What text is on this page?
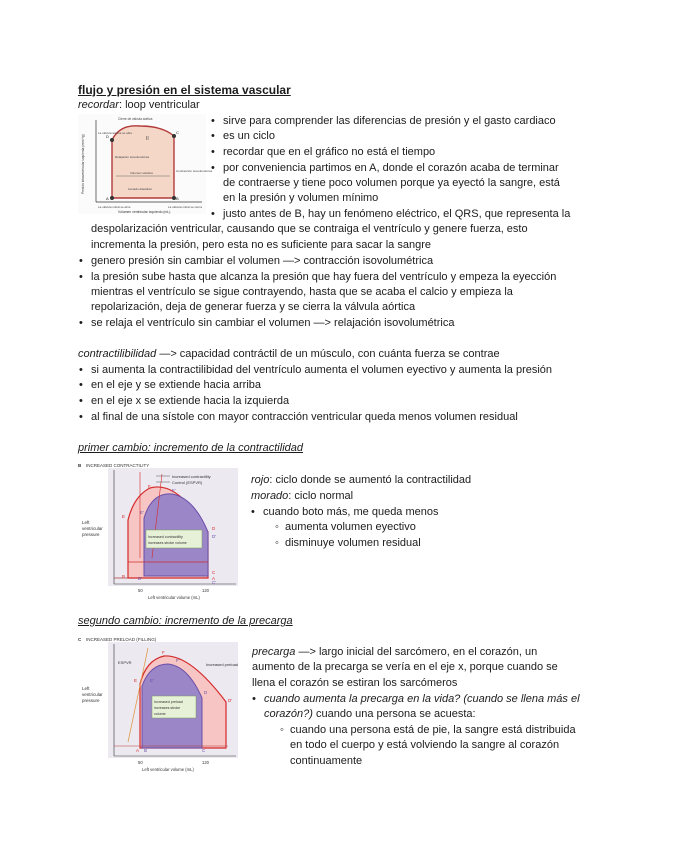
flujo y presión en el sistema vascular
recordar: loop ventricular
II
Cierre de válvula aórtica
La válvula aórtica se abre
Relajación isovolumétrica
Contracción isovolumétrica
Llenado diastólico
Volumen sistólico
La válvula mitral se abre	La válvula mitral se cierra
Volumen ventricular izquierdo (mL)
Presión intraventricular izquierda (mm Hg)
A	B
C
D
• sirve para comprender las diferencias de presión y el gasto cardiaco
• es un ciclo
• recordar que en el gráfico no está el tiempo
• por conveniencia partimos en A, donde el corazón acaba de terminar
de contraerse y tiene poco volumen porque ya eyectó la sangre, está
en la presión y volumen mínimo
• justo antes de B, hay un fenómeno eléctrico, el QRS, que representa la
despolarización ventricular, causando que se contraiga el ventrículo y genere fuerza, esto
incrementa la presión, pero esta no es suficiente para sacar la sangre
• genero presión sin cambiar el volumen —> contracción isovolumétrica
• la presión sube hasta que alcanza la presión que hay fuera del ventrículo y empeza la eyección
mientras el ventrículo se sigue contrayendo, hasta que se acaba el calcio y empieza la
repolarización, deja de generar fuerza y se cierra la válvula aórtica
• se relaja el ventrículo sin cambiar el volumen —> relajación isovolumétrica
contractilibilidad —> capacidad contráctil de un músculo, con cuánta fuerza se contrae
• si aumenta la contractilibidad del ventrículo aumenta el volumen eyectivo y aumenta la presión
• en el eje y se extiende hacia arriba
• en el eje x se extiende hacia la izquierda
• al final de una sístole con mayor contracción ventricular queda menos volumen residual
primer cambio: incremento de la contractilidad
B INCREASED CONTRACTILITY
Increased contractility
Control (ESPVR)
Increased contractility
increases stroke volume
Left
ventricular
pressure
50	120
Left ventricular volume (mL)
E
F
B
D
C
A
B'
C'
D'
E'
F'
rojo: ciclo donde se aumentó la contractilidad
morado: ciclo normal
• cuando boto más, me queda menos
◦ aumenta volumen eyectivo
◦ disminuye volumen residual
segundo cambio: incremento de la precarga
C INCREASED PRELOAD (FILLING)
Increased preload
increases stroke
volume
ESPVR	Increased preload
Left
ventricular
pressure
50	120
Left ventricular volume (mL)
E
F
D
A B	C
D'
E'
F'
precarga —> largo inicial del sarcómero, en el corazón, un
aumento de la precarga se vería en el eje x, porque cuando se
llena el corazón se estiran los sarcómeros
• cuando aumenta la precarga en la vida? (cuando se llena más el
corazón?) cuando una persona se acuesta:
◦ cuando una persona está de pie, la sangre está distribuida
en todo el cuerpo y está volviendo la sangre al corazón
continuamente
